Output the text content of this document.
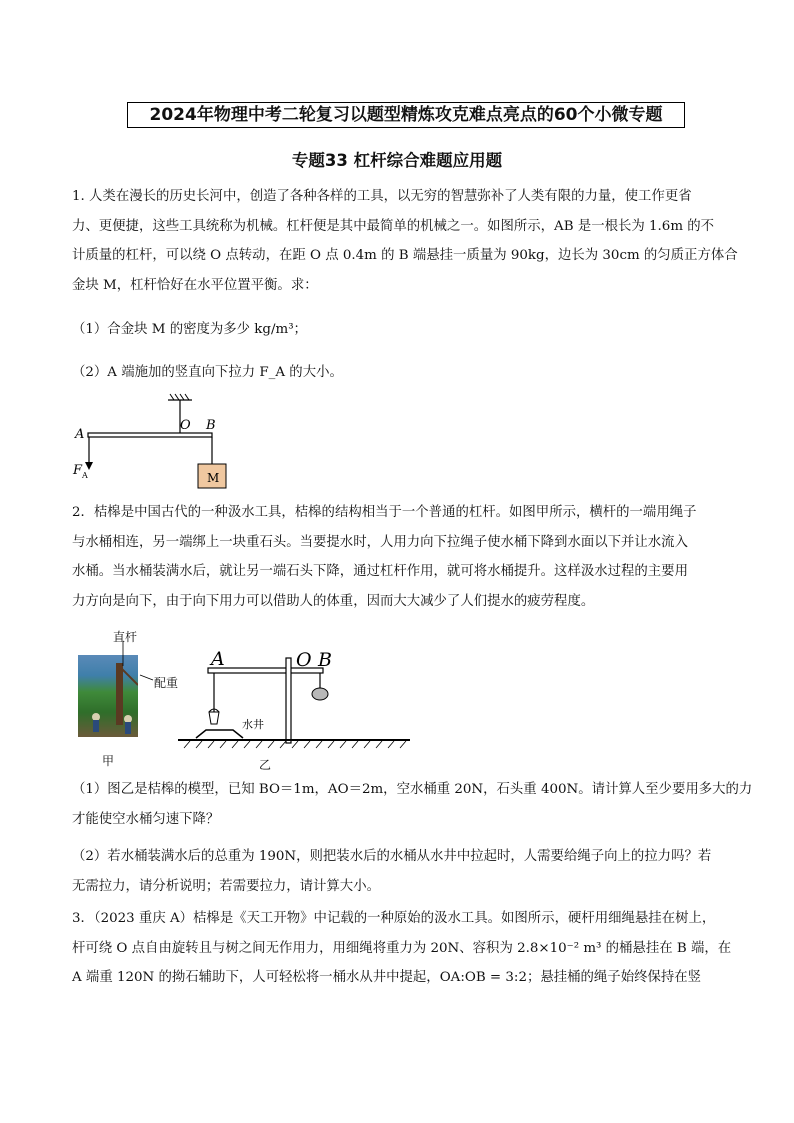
2024年物理中考二轮复习以题型精炼攻克难点亮点的60个小微专题
专题33 杠杆综合难题应用题
1. 人类在漫长的历史长河中，创造了各种各样的工具，以无穷的智慧弥补了人类有限的力量，使工作更省
力、更便捷，这些工具统称为机械。杠杆便是其中最简单的机械之一。如图所示，AB 是一根长为 1.6m 的不
计质量的杠杆，可以绕 O 点转动，在距 O 点 0.4m 的 B 端悬挂一质量为 90kg，边长为 30cm 的匀质正方体合
金块 M，杠杆恰好在水平位置平衡。求：
（1）合金块 M 的密度为多少 kg/m³；
（2）A 端施加的竖直向下拉力 F_A 的大小。
A
O B
F A	M
2．桔槔是中国古代的一种汲水工具，桔槔的结构相当于一个普通的杠杆。如图甲所示，横杆的一端用绳子
与水桶相连，另一端绑上一块重石头。当要提水时，人用力向下拉绳子使水桶下降到水面以下并让水流入
水桶。当水桶装满水后，就让另一端石头下降，通过杠杆作用，就可将水桶提升。这样汲水过程的主要用
力方向是向下，由于向下用力可以借助人的体重，因而大大减少了人们提水的疲劳程度。
直杆
配重
甲
A	O B
水井
乙
（1）图乙是桔槔的模型，已知 BO＝1m，AO＝2m，空水桶重 20N，石头重 400N。请计算人至少要用多大的力
才能使空水桶匀速下降？
（2）若水桶装满水后的总重为 190N，则把装水后的水桶从水井中拉起时，人需要给绳子向上的拉力吗？若
无需拉力，请分析说明；若需要拉力，请计算大小。
3．（2023 重庆 A）桔槔是《天工开物》中记载的一种原始的汲水工具。如图所示，硬杆用细绳悬挂在树上，
杆可绕 O 点自由旋转且与树之间无作用力，用细绳将重力为 20N、容积为 2.8×10⁻² m³ 的桶悬挂在 B 端，在
A 端重 120N 的拗石辅助下，人可轻松将一桶水从井中提起，OA:OB = 3:2；悬挂桶的绳子始终保持在竖
